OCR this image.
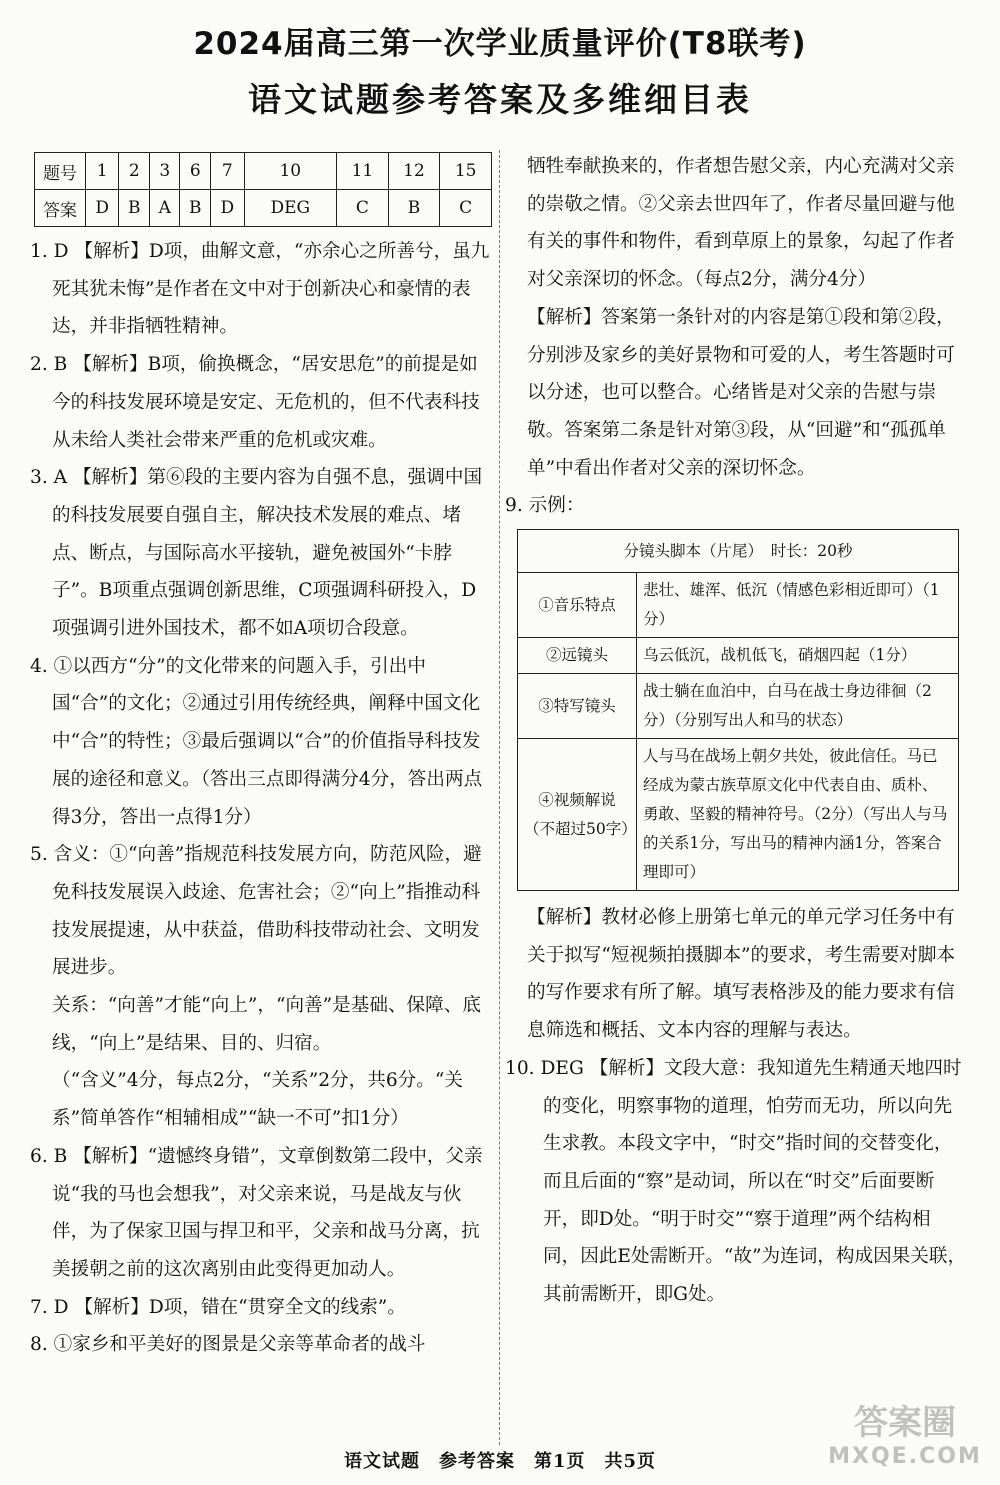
2024届高三第一次学业质量评价(T8联考)
语文试题参考答案及多维细目表
题号	1	2	3	6	7	10	11	12	15
答案	D	B	A	B	D	DEG	C	B	C

1. D 【解析】D项，曲解文意，“亦余心之所善兮，虽九死其犹未悔”是作者在文中对于创新决心和豪情的表达，并非指牺牲精神。

2. B 【解析】B项，偷换概念，“居安思危”的前提是如今的科技发展环境是安定、无危机的，但不代表科技从未给人类社会带来严重的危机或灾难。

3. A 【解析】第⑥段的主要内容为自强不息，强调中国的科技发展要自强自主，解决技术发展的难点、堵点、断点，与国际高水平接轨，避免被国外“卡脖子”。B项重点强调创新思维，C项强调科研投入，D项强调引进外国技术，都不如A项切合段意。

4. ①以西方“分”的文化带来的问题入手，引出中国“合”的文化；②通过引用传统经典，阐释中国文化中“合”的特性；③最后强调以“合”的价值指导科技发展的途径和意义。（答出三点即得满分4分，答出两点得3分，答出一点得1分）

5. 含义：①“向善”指规范科技发展方向，防范风险，避免科技发展误入歧途、危害社会；②“向上”指推动科技发展提速，从中获益，借助科技带动社会、文明发展进步。

关系：“向善”才能“向上”，“向善”是基础、保障、底线，“向上”是结果、目的、归宿。

（“含义”4分，每点2分，“关系”2分，共6分。“关系”简单答作“相辅相成”“缺一不可”扣1分）

6. B 【解析】“遗憾终身错”，文章倒数第二段中，父亲说“我的马也会想我”，对父亲来说，马是战友与伙伴，为了保家卫国与捍卫和平，父亲和战马分离，抗美援朝之前的这次离别由此变得更加动人。

7. D 【解析】D项，错在“贯穿全文的线索”。

8. ①家乡和平美好的图景是父亲等革命者的战斗

牺牲奉献换来的，作者想告慰父亲，内心充满对父亲的崇敬之情。②父亲去世四年了，作者尽量回避与他有关的事件和物件，看到草原上的景象，勾起了作者对父亲深切的怀念。（每点2分，满分4分）

【解析】答案第一条针对的内容是第①段和第②段，分别涉及家乡的美好景物和可爱的人，考生答题时可以分述，也可以整合。心绪皆是对父亲的告慰与崇敬。答案第二条是针对第③段，从“回避”和“孤孤单单”中看出作者对父亲的深切怀念。

9. 示例：

分镜头脚本（片尾）　时长：20秒	
①音乐特点	悲壮、雄浑、低沉（情感色彩相近即可）（1分）
②远镜头	乌云低沉，战机低飞，硝烟四起（1分）
③特写镜头	战士躺在血泊中，白马在战士身边徘徊（2分）（分别写出人和马的状态）
④视频解说（不超过50字）	人与马在战场上朝夕共处，彼此信任。马已经成为蒙古族草原文化中代表自由、质朴、勇敢、坚毅的精神符号。（2分）（写出人与马的关系1分，写出马的精神内涵1分，答案合理即可）

【解析】教材必修上册第七单元的单元学习任务中有关于拟写“短视频拍摄脚本”的要求，考生需要对脚本的写作要求有所了解。填写表格涉及的能力要求有信息筛选和概括、文本内容的理解与表达。

10. DEG 【解析】文段大意：我知道先生精通天地四时的变化，明察事物的道理，怕劳而无功，所以向先生求教。本段文字中，“时交”指时间的交替变化，而且后面的“察”是动词，所以在“时交”后面要断开，即D处。“明于时交”“察于道理”两个结构相同，因此E处需断开。“故”为连词，构成因果关联，其前需断开，即G处。

语文试题　参考答案　第1页　共5页
答案圈
MXQE.COM
